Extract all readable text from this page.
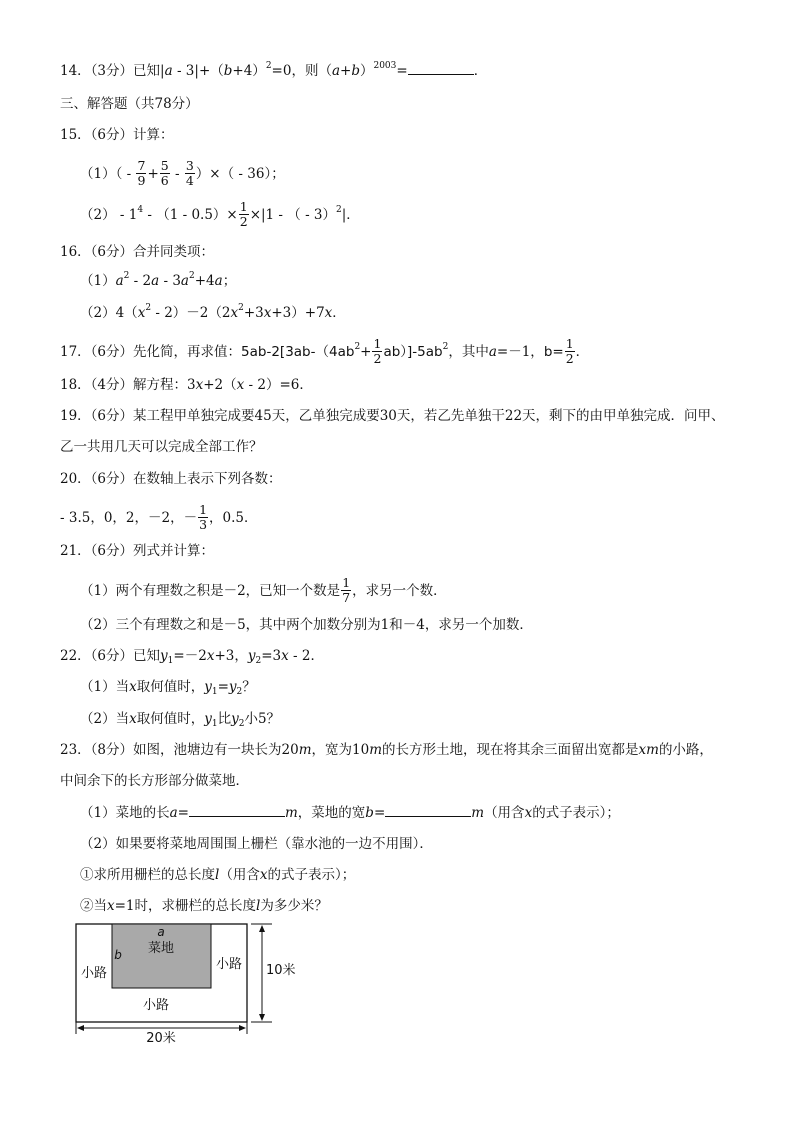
14．（3分）已知$|a - 3|+(b+4)^2=0$，则$(a+b)^{2003}=$	．
三、解答题（共78分）
15．（6分）计算：
$(1)( - \frac{7}{9} + \frac{5}{6} - \frac{3}{4}$ ）×（ - 36）；
$(2) - 1^4 - (1 - 0.5)\times \frac{1}{2} \times|1$ - （ - 3）$^2$|．
16．（6分）合并同类项：
$(1)a^2 - 2a - 3a^2+4a$；
$(2)4(x^2 - 2)-2(2x^2+3x+3)+7x$．
17．（6分）先化简，再求值：$5ab-2[3ab-(4ab^2+ \frac{1}{2} ab)]-5ab^2$，其中a=－1，$b= \frac{1}{2}$ ．
18．（4分）解方程：3x+2（x - 2）=6．
19．（6分）某工程甲单独完成要45天，乙单独完成要30天，若乙先单独干22天，剩下的由甲单独完成．问甲、
乙一共用几天可以完成全部工作？
20．（6分）在数轴上表示下列各数：
- 3.5，0，2，－2，－ $\frac{1}{3}$ ，0.5．
21．（6分）列式并计算：
（1）两个有理数之积是－2，已知一个数是 $\frac{1}{7}$ ，求另一个数．
（2）三个有理数之和是－5，其中两个加数分别为1和－4，求另一个加数．
22．（6分）已知$y_1=-2x+3$，$y_2=3x - 2$．
（1）当x取何值时，$y_1=y_2$？
（2）当x取何值时，$y_1$比$y_2$小5？
23．（8分）如图，池塘边有一块长为20m，宽为10m的长方形土地，现在将其余三面留出宽都是xm的小路，
中间余下的长方形部分做菜地．
（1）菜地的长a=	m，菜地的宽b=	m（用含x的式子表示）；
（2）如果要将菜地周围围上栅栏（靠水池的一边不用围）．
①求所用栅栏的总长度l（用含x的式子表示）；
②当x=1时，求栅栏的总长度l为多少米？
a
b 菜地
小路
小路
小路
10米
20米
